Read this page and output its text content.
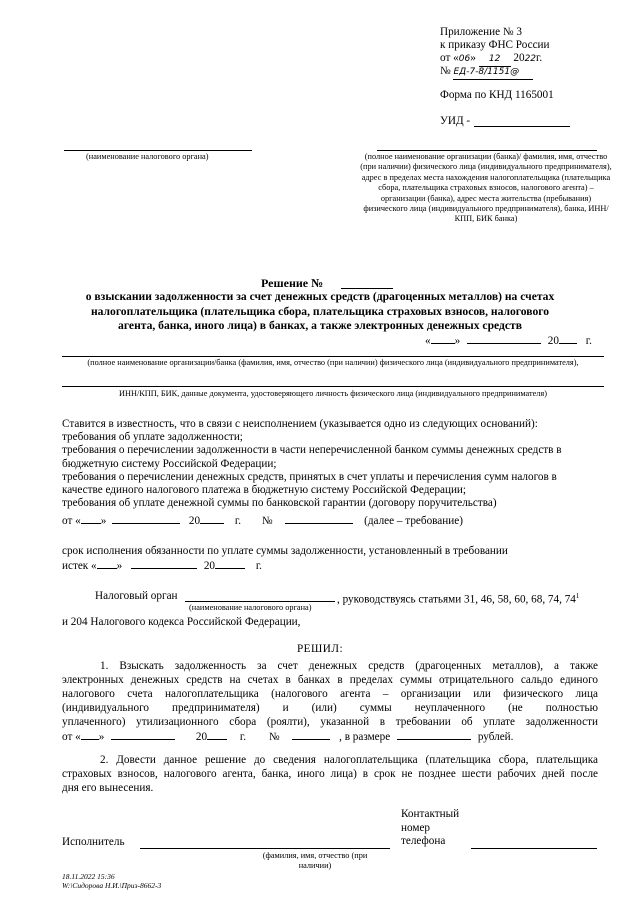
Приложение № 3
к приказу ФНС России
от «06» 12 2022г.
№ ЕД-7-8/1151@
Форма по КНД 1165001
УИД -
(наименование налогового органа)	(полное наименование организации (банка)/ фамилия, имя, отчество (при наличии) физического лица (индивидуального предпринимателя), адрес в пределах места нахождения налогоплательщика (плательщика сбора, плательщика страховых взносов, налогового агента) – организации (банка), адрес места жительства (пребывания) физического лица (индивидуального предпринимателя), банка, ИНН/КПП, БИК банка)
Решение №
о взыскании задолженности за счет денежных средств (драгоценных металлов) на счетах
налогоплательщика (плательщика сбора, плательщика страховых взносов, налогового
агента, банка, иного лица) в банках, а также электронных денежных средств
« »	20 г.
(полное наименование организации/банка (фамилия, имя, отчество (при наличии) физического лица (индивидуального предпринимателя),
ИНН/КПП, БИК, данные документа, удостоверяющего личность физического лица (индивидуального предпринимателя)
Ставится в известность, что в связи с неисполнением (указывается одно из следующих оснований):
требования об уплате задолженности;
требования о перечислении задолженности в части неперечисленной банком суммы денежных средств в
бюджетную систему Российской Федерации;
требования о перечислении денежных средств, принятых в счет уплаты и перечисления сумм налогов в
качестве единого налогового платежа в бюджетную систему Российской Федерации;
требования об уплате денежной суммы по банковской гарантии (договору поручительства)
от « »	20	г. №	(далее – требование)
срок исполнения обязанности по уплате суммы задолженности, установленный в требовании
истек « »	20	г.
Налоговый орган	, руководствуясь статьями 31, 46, 58, 60, 68, 74, $74^1$
(наименование налогового органа)
и 204 Налогового кодекса Российской Федерации,
РЕШИЛ:
1. Взыскать задолженность за счет денежных средств (драгоценных металлов), а также
электронных денежных средств на счетах в банках в пределах суммы отрицательного сальдо единого
налогового счета налогоплательщика (налогового агента – организации или физического лица
(индивидуального предпринимателя) и (или) суммы неуплаченного (не полностью
уплаченного) утилизационного сбора (роялти), указанной в требовании об уплате задолженности
от « »	20	г. №	, в размере	рублей.
2. Довести данное решение до сведения налогоплательщика (плательщика сбора, плательщика
страховых взносов, налогового агента, банка, иного лица) в срок не позднее шести рабочих дней после
дня его вынесения.
Исполнитель
(фамилия, имя, отчество (при
наличии)
Контактный
номер
телефона
18.11.2022 15:36
W:\Сидорова Н.И.\Приз-8662-3
